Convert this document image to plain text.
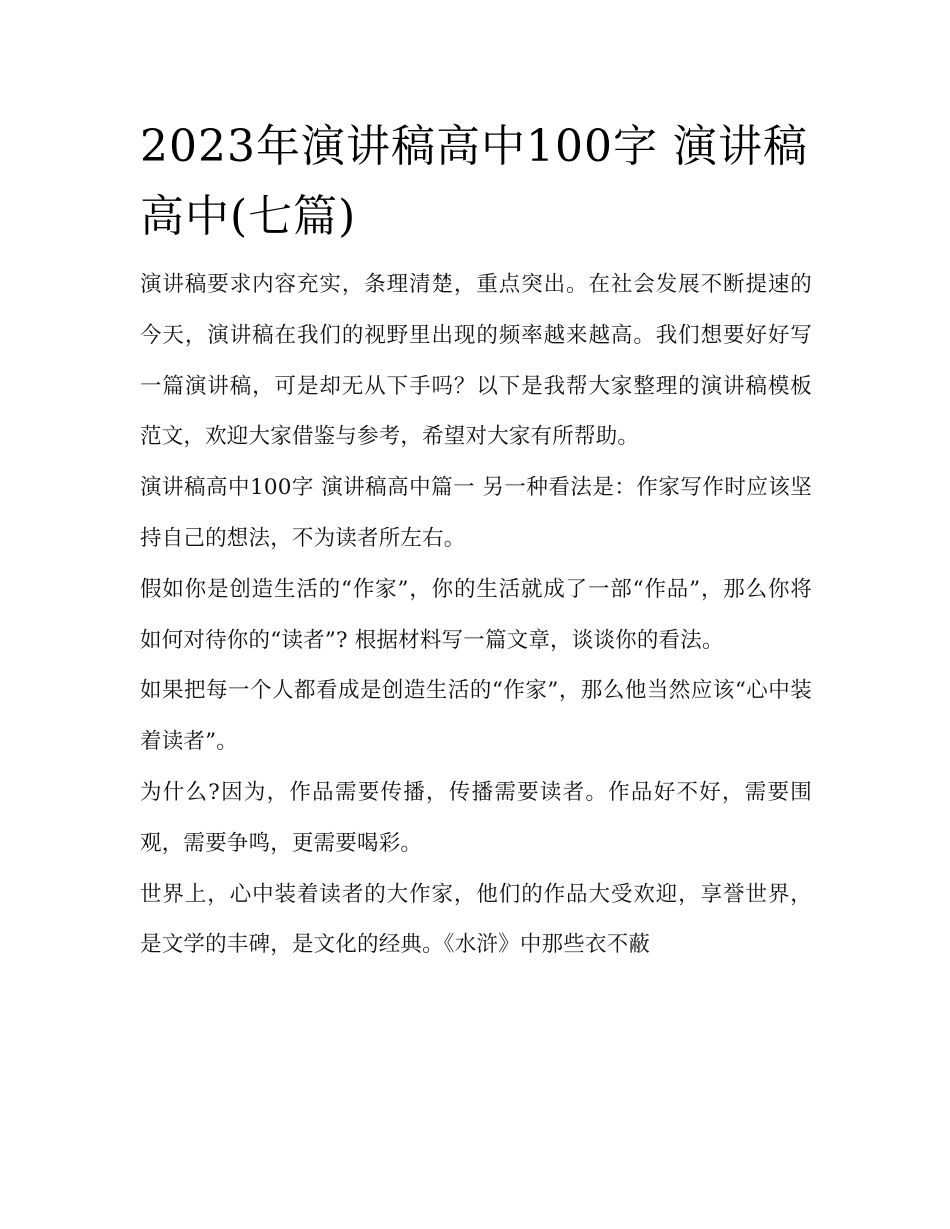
2023年演讲稿高中100字 演讲稿高中(七篇)

演讲稿要求内容充实，条理清楚，重点突出。在社会发展不断提速的今天，演讲稿在我们的视野里出现的频率越来越高。我们想要好好写一篇演讲稿，可是却无从下手吗？以下是我帮大家整理的演讲稿模板范文，欢迎大家借鉴与参考，希望对大家有所帮助。

演讲稿高中100字 演讲稿高中篇一 另一种看法是：作家写作时应该坚持自己的想法，不为读者所左右。

假如你是创造生活的“作家”，你的生活就成了一部“作品”，那么你将如何对待你的“读者”? 根据材料写一篇文章，谈谈你的看法。

如果把每一个人都看成是创造生活的“作家”，那么他当然应该“心中装着读者”。

为什么?因为，作品需要传播，传播需要读者。作品好不好，需要围观，需要争鸣，更需要喝彩。

世界上，心中装着读者的大作家，他们的作品大受欢迎，享誉世界，是文学的丰碑，是文化的经典。《水浒》中那些衣不蔽
